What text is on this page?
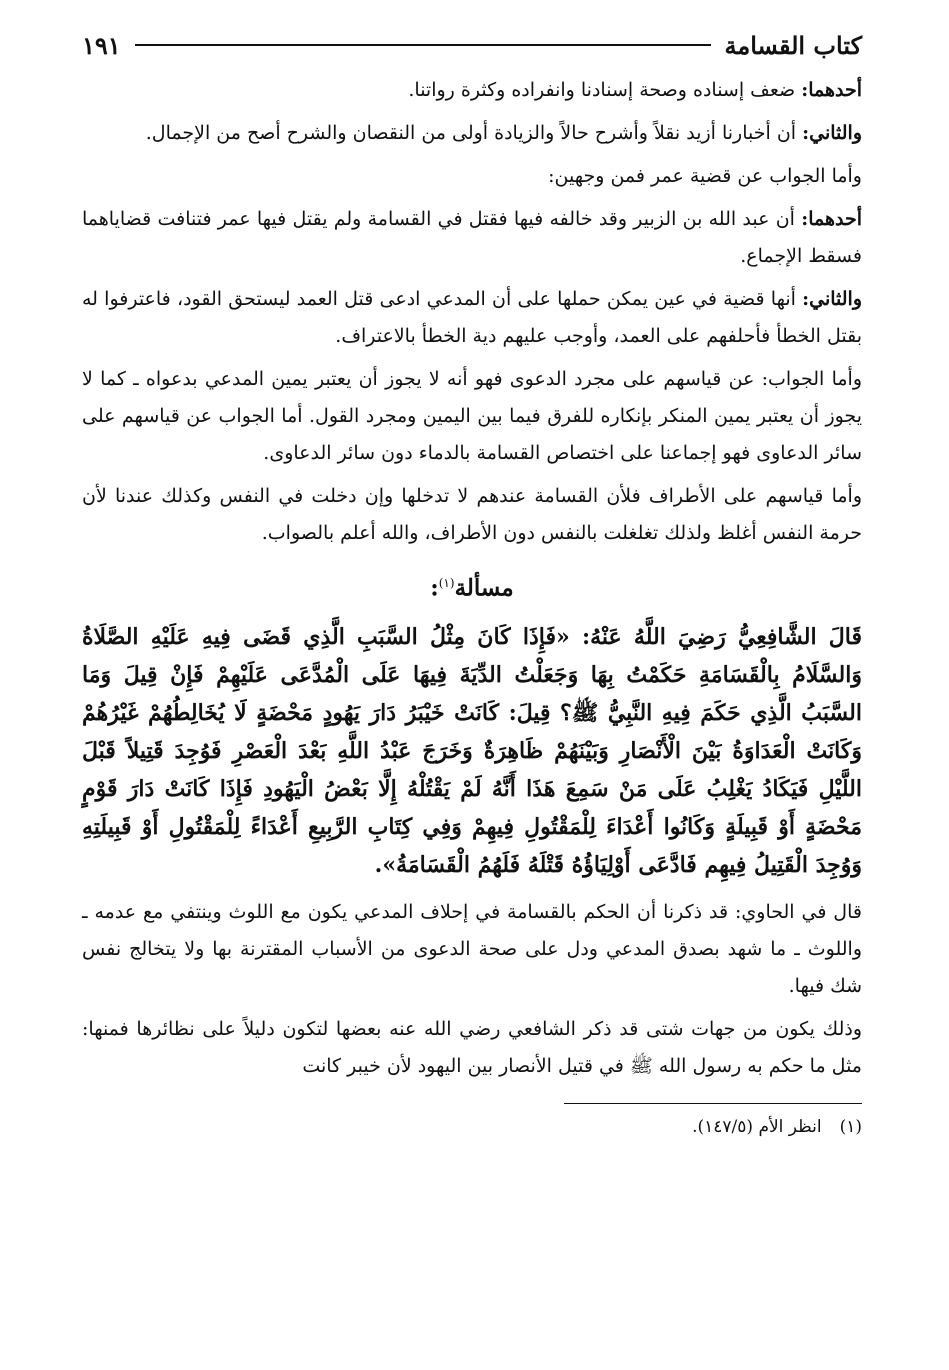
كتاب القسامة
١٩١

أحدهما: ضعف إسناده وصحة إسنادنا وانفراده وكثرة رواتنا.

والثاني: أن أخبارنا أزيد نقلاً وأشرح حالاً والزيادة أولى من النقصان والشرح أصح من الإجمال.

وأما الجواب عن قضية عمر فمن وجهين:

أحدهما: أن عبد الله بن الزبير وقد خالفه فيها فقتل في القسامة ولم يقتل فيها عمر فتنافت قضاياهما فسقط الإجماع.

والثاني: أنها قضية في عين يمكن حملها على أن المدعي ادعى قتل العمد ليستحق القود، فاعترفوا له بقتل الخطأ فأحلفهم على العمد، وأوجب عليهم دية الخطأ بالاعتراف.

وأما الجواب: عن قياسهم على مجرد الدعوى فهو أنه لا يجوز أن يعتبر يمين المدعي بدعواه ـ كما لا يجوز أن يعتبر يمين المنكر بإنكاره للفرق فيما بين اليمين ومجرد القول. أما الجواب عن قياسهم على سائر الدعاوى فهو إجماعنا على اختصاص القسامة بالدماء دون سائر الدعاوى.

وأما قياسهم على الأطراف فلأن القسامة عندهم لا تدخلها وإن دخلت في النفس وكذلك عندنا لأن حرمة النفس أغلظ ولذلك تغلغلت بالنفس دون الأطراف، والله أعلم بالصواب.

مسألة$^{(١)}$:

قَالَ الشَّافِعِيُّ رَضِيَ اللَّهُ عَنْهُ: «فَإِذَا كَانَ مِثْلُ السَّبَبِ الَّذِي قَضَى فِيهِ عَلَيْهِ الصَّلَاةُ وَالسَّلَامُ بِالْقَسَامَةِ حَكَمْتُ بِهَا وَجَعَلْتُ الدِّيَةَ فِيهَا عَلَى الْمُدَّعَى عَلَيْهِمْ فَإِنْ قِيلَ وَمَا السَّبَبُ الَّذِي حَكَمَ فِيهِ النَّبِيُّ ﷺ؟ قِيلَ: كَانَتْ خَيْبَرُ دَارَ يَهُودٍ مَحْضَةٍ لَا يُخَالِطُهُمْ غَيْرُهُمْ وَكَانَتْ الْعَدَاوَةُ بَيْنَ الْأَنْصَارِ وَبَيْنَهُمْ ظَاهِرَةٌ وَخَرَجَ عَبْدُ اللَّهِ بَعْدَ الْعَصْرِ فَوُجِدَ قَتِيلاً قَبْلَ اللَّيْلِ فَيَكَادُ يَغْلِبُ عَلَى مَنْ سَمِعَ هَذَا أَنَّهُ لَمْ يَقْتُلْهُ إِلَّا بَعْضُ الْيَهُودِ فَإِذَا كَانَتْ دَارَ قَوْمٍ مَحْضَةٍ أَوْ قَبِيلَةٍ وَكَانُوا أَعْدَاءَ لِلْمَقْتُولِ فِيهِمْ وَفِي كِتَابِ الرَّبِيعِ أَعْدَاءً لِلْمَقْتُولِ أَوْ قَبِيلَتِهِ وَوُجِدَ الْقَتِيلُ فِيهِم فَادَّعَى أَوْلِيَاؤُهُ قَتْلَهُ فَلَهُمُ الْقَسَامَةُ».

قال في الحاوي: قد ذكرنا أن الحكم بالقسامة في إحلاف المدعي يكون مع اللوث وينتفي مع عدمه ـ واللوث ـ ما شهد بصدق المدعي ودل على صحة الدعوى من الأسباب المقترنة بها ولا يتخالج نفس شك فيها.

وذلك يكون من جهات شتى قد ذكر الشافعي رضي الله عنه بعضها لتكون دليلاً على نظائرها فمنها: مثل ما حكم به رسول الله ﷺ في قتيل الأنصار بين اليهود لأن خيبر كانت

(١)انظر الأم (١٤٧/٥).
